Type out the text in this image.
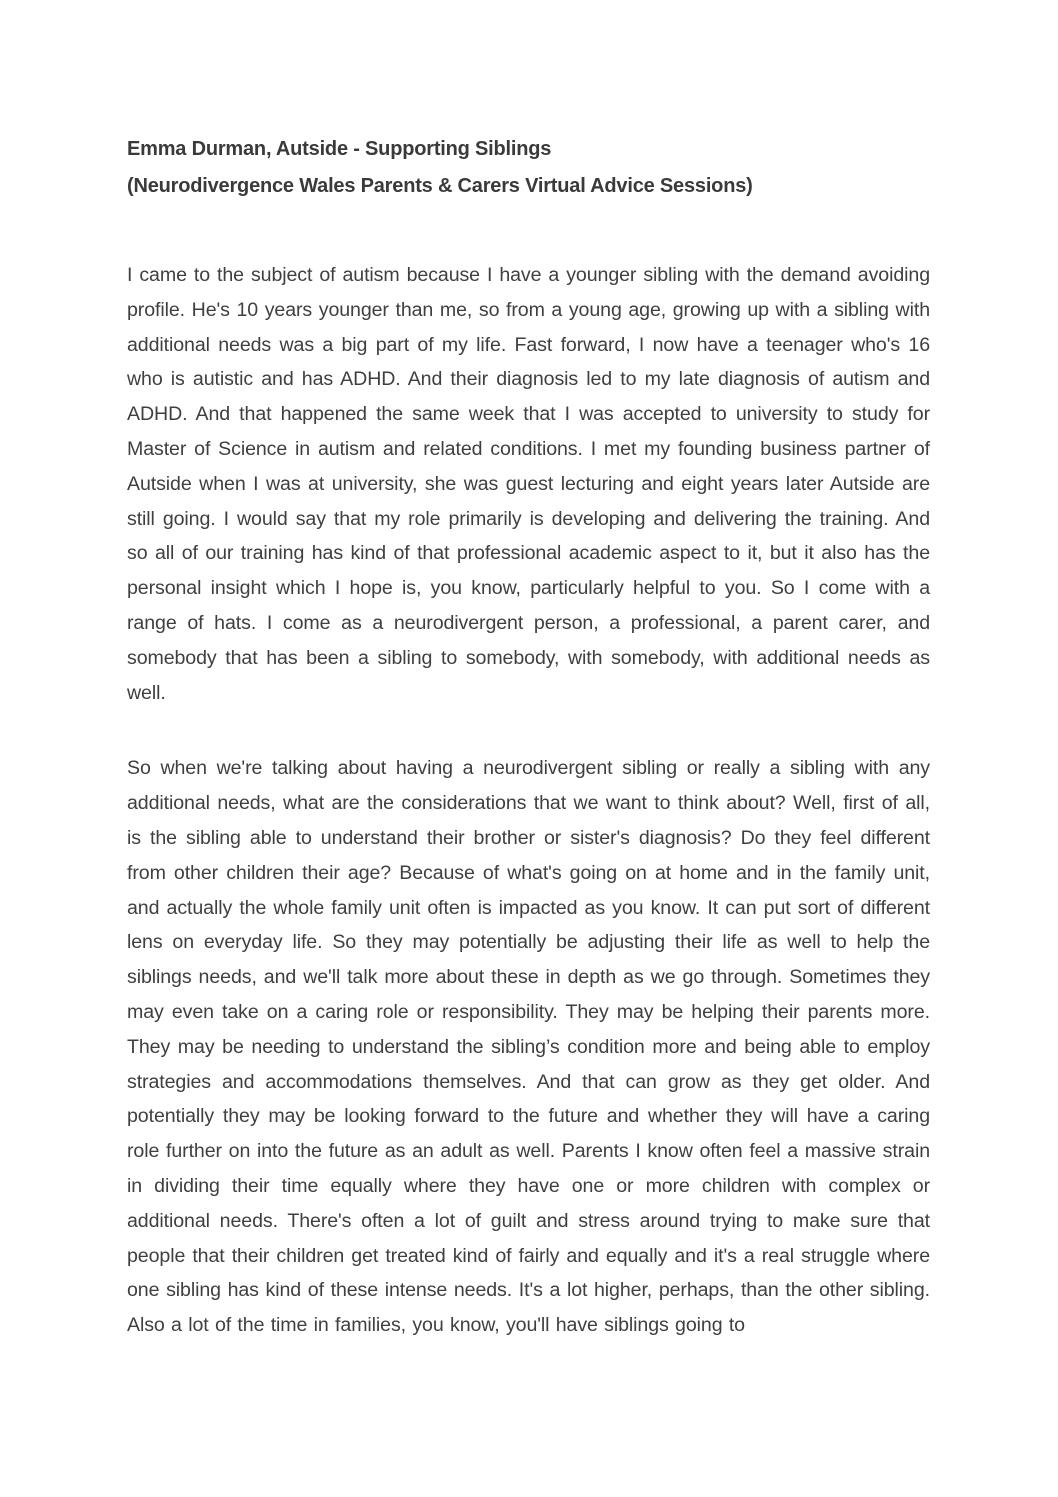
Emma Durman, Autside - Supporting Siblings
(Neurodivergence Wales Parents & Carers Virtual Advice Sessions)

I came to the subject of autism because I have a younger sibling with the demand avoiding profile. He's 10 years younger than me, so from a young age, growing up with a sibling with additional needs was a big part of my life. Fast forward, I now have a teenager who's 16 who is autistic and has ADHD. And their diagnosis led to my late diagnosis of autism and ADHD. And that happened the same week that I was accepted to university to study for Master of Science in autism and related conditions. I met my founding business partner of Autside when I was at university, she was guest lecturing and eight years later Autside are still going. I would say that my role primarily is developing and delivering the training. And so all of our training has kind of that professional academic aspect to it, but it also has the personal insight which I hope is, you know, particularly helpful to you. So I come with a range of hats. I come as a neurodivergent person, a professional, a parent carer, and somebody that has been a sibling to somebody, with somebody, with additional needs as well.

So when we're talking about having a neurodivergent sibling or really a sibling with any additional needs, what are the considerations that we want to think about? Well, first of all, is the sibling able to understand their brother or sister's diagnosis? Do they feel different from other children their age? Because of what's going on at home and in the family unit, and actually the whole family unit often is impacted as you know. It can put sort of different lens on everyday life. So they may potentially be adjusting their life as well to help the siblings needs, and we'll talk more about these in depth as we go through. Sometimes they may even take on a caring role or responsibility. They may be helping their parents more. They may be needing to understand the sibling’s condition more and being able to employ strategies and accommodations themselves. And that can grow as they get older. And potentially they may be looking forward to the future and whether they will have a caring role further on into the future as an adult as well. Parents I know often feel a massive strain in dividing their time equally where they have one or more children with complex or additional needs. There's often a lot of guilt and stress around trying to make sure that people that their children get treated kind of fairly and equally and it's a real struggle where one sibling has kind of these intense needs. It's a lot higher, perhaps, than the other sibling. Also a lot of the time in families, you know, you'll have siblings going to
